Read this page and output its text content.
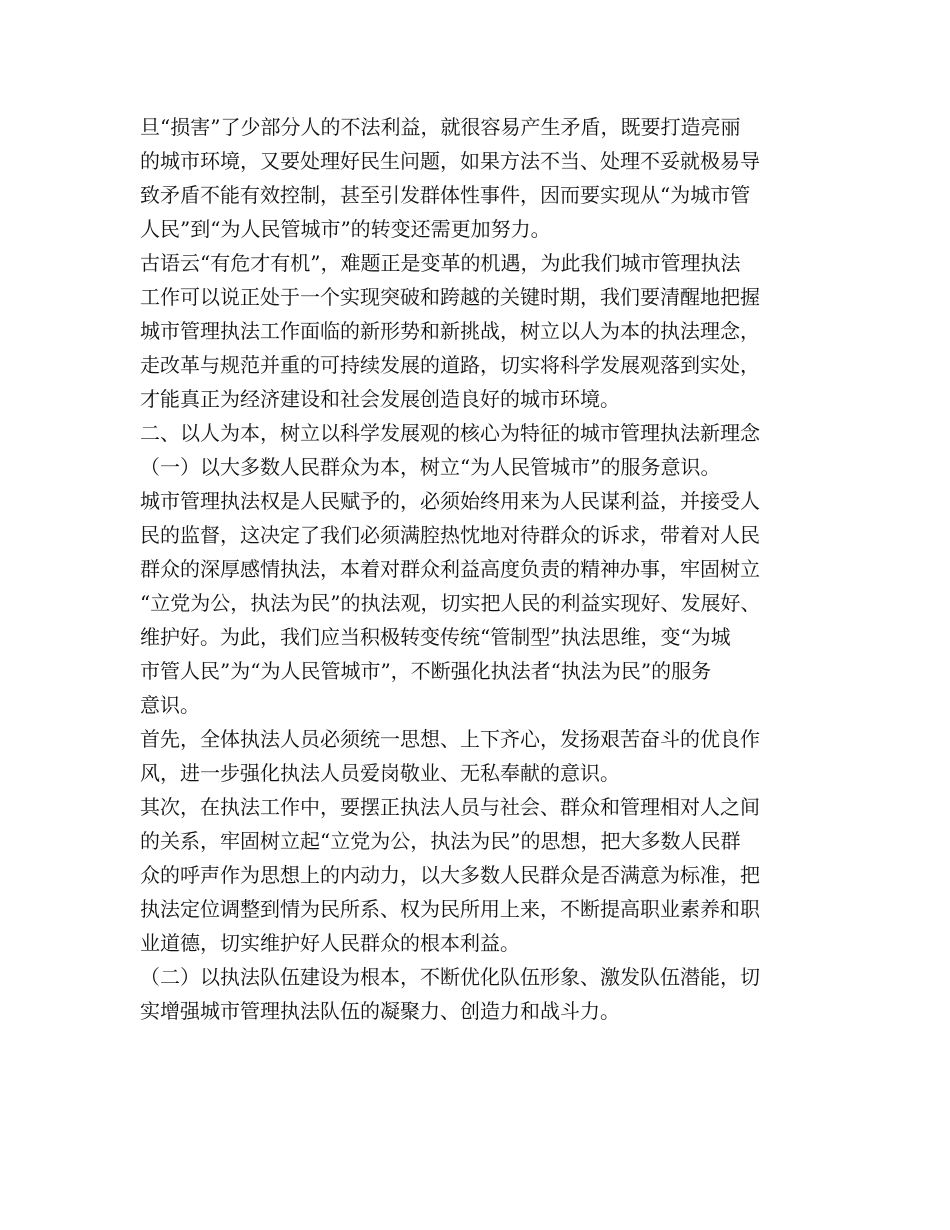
旦“损害”了少部分人的不法利益，就很容易产生矛盾，既要打造亮丽

的城市环境，又要处理好民生问题，如果方法不当、处理不妥就极易导

致矛盾不能有效控制，甚至引发群体性事件，因而要实现从“为城市管

人民”到“为人民管城市”的转变还需更加努力。

古语云“有危才有机”，难题正是变革的机遇，为此我们城市管理执法

工作可以说正处于一个实现突破和跨越的关键时期，我们要清醒地把握

城市管理执法工作面临的新形势和新挑战，树立以人为本的执法理念，

走改革与规范并重的可持续发展的道路，切实将科学发展观落到实处，

才能真正为经济建设和社会发展创造良好的城市环境。

二、以人为本，树立以科学发展观的核心为特征的城市管理执法新理念

（一）以大多数人民群众为本，树立“为人民管城市”的服务意识。

城市管理执法权是人民赋予的，必须始终用来为人民谋利益，并接受人

民的监督，这决定了我们必须满腔热忱地对待群众的诉求，带着对人民

群众的深厚感情执法，本着对群众利益高度负责的精神办事，牢固树立

“立党为公，执法为民”的执法观，切实把人民的利益实现好、发展好、

维护好。为此，我们应当积极转变传统“管制型”执法思维，变“为城

市管人民”为“为人民管城市”，不断强化执法者“执法为民”的服务

意识。

首先，全体执法人员必须统一思想、上下齐心，发扬艰苦奋斗的优良作

风，进一步强化执法人员爱岗敬业、无私奉献的意识。

其次，在执法工作中，要摆正执法人员与社会、群众和管理相对人之间

的关系，牢固树立起“立党为公，执法为民”的思想，把大多数人民群

众的呼声作为思想上的内动力，以大多数人民群众是否满意为标准，把

执法定位调整到情为民所系、权为民所用上来，不断提高职业素养和职

业道德，切实维护好人民群众的根本利益。

（二）以执法队伍建设为根本，不断优化队伍形象、激发队伍潜能，切

实增强城市管理执法队伍的凝聚力、创造力和战斗力。
